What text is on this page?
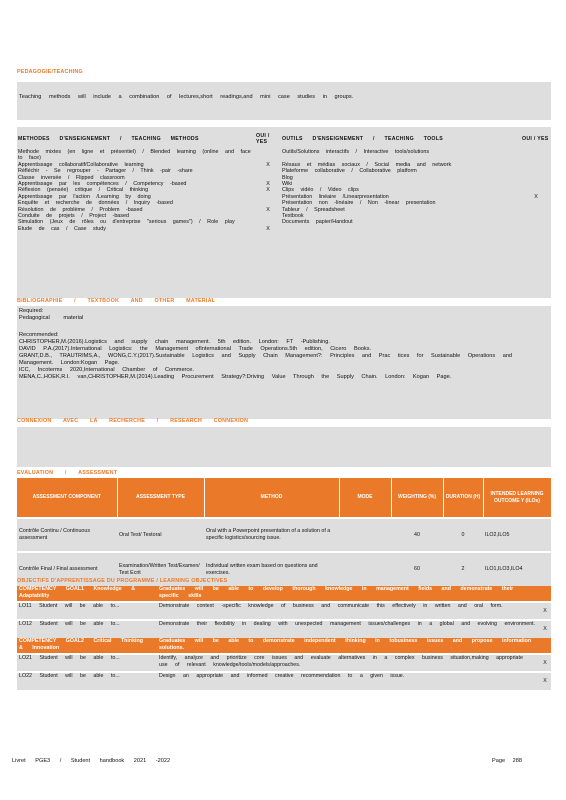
PEDAGOGIE/TEACHING
Teaching methods will include a combination of lectures,short readings,and mini case studies in groups.
METHODES D'ENSEIGNEMENT / TEACHING METHODS	OUI / YES	OUTILS D'ENSEIGNEMENT / TEACHING TOOLS	OUI / YES
Methode mixtes (en ligne et présentiel) / Blended learning (online and face to face)		Outils/Solutions interactifs / Interactive tools/solutions	
Apprentissage collaboratif/Collaborative learning	X	Résaux et médias sociaux / Social media and network	
Réfléchir - Se regrouper - Partager / Think -pair -share		Plateforme collaborative / Collaborative platform	
Classe inversée / Flipped classroom		Blog	
Apprentissage par les compétences / Competency -based	X	Wiki	
Réflexion (pensée) critique / Critical thinking	X	Clips vidéo / Video clips	
Apprentissage par l'action /Learning by doing		Présentation linéaire /Linearpresentation	X
Enquête et recherche de données / Inquiry -based		Présentation non -linéaire / Non -linear presentation	
Résolution de problème / Problem -based	X	Tableur / Spreadsheet	
Conduite de projets / Project -based		Textbook	
Simulation (Jeux de rôles ou d'entreprise "serious games") / Role play		Documents papier/Handout	
Etude de cas / Case study	X		
BIBLIOGRAPHIE / TEXTBOOK AND OTHER MATERIAL
Required:
Pedagogical material
Recommended:
CHRISTOPHER,M.(2016).Logistics and supply chain management. 5th edition. London: FT -Publishing.
DAVID P.A.(2017).International Logistics: the Management ofInternational Trade Operations.5th edition, Cicero Books.
GRANT,D.B., TRAUTRIMS,A., WONG,C.Y.(2017).Sustainable Logistics and Supply Chain Management?: Principles and Prac tices for Sustainable Operations and Management. London:Kogan Page.
ICC, Incoterms 2020,International Chamber of Commerce.
MENA,C.,HOEK,R.I. van,CHRISTOPHER,M.(2014).Leading Procurement Strategy?:Driving Value Through the Supply Chain. London: Kogan Page.
CONNEXION AVEC LA RECHERCHE / RESEARCH CONNEXION
EVALUATION / ASSESSMENT
ASSESSMENT COMPONENT	ASSESSMENT TYPE	METHOD	MODE	WEIGHTING (%)	DURATION (H)	INTENDED LEARNING OUTCOME Y (ILOs)
Contrôle Continu / Continuous assessment	Oral Test/ Testoral	Oral with a Powerpoint presentation of a solution of a specific logistics/sourcing issue.		40	0	ILO2,ILO5
Contrôle Final / Final assessment	Examination/Written Test/Examen/ Test Ecrit	Individual written exam based on questions and exercises.		60	2	ILO1,ILO3,ILO4
OBJECTIFS D'APPRENTISSAGE DU PROGRAMME / LEARNING OBJECTIVES
COMPETENCY GOAL1 Knowledge & Adaptability	Graduates will be able to develop thorough knowledge in management fields and demonstrate their specific skills	
LO11 Student will be able to...	Demonstrate context -specific knowledge of business and communicate this effectively in written and oral form.	X
LO12 Student will be able to...	Demonstrate their flexibility in dealing with unexpected management issues/challenges in a global and evolving environment.	X
COMPETENCY GOAL2 Critical Thinking & Innovation	Graduates will be able to demonstrate independent thinking in tobusiness issues and propose information solutions.	
LO21 Student will be able to...	Identify, analyze and prioritize core issues and evaluate alternatives in a complex business situation,making appropriate use of relevant knowledge/tools/models/approaches.	X
LO22 Student will be able to...	Design an appropriate and informed creative recommendation to a given issue.	X
Livret PGE3 / Student handbook 2021 -2022	Page 288
